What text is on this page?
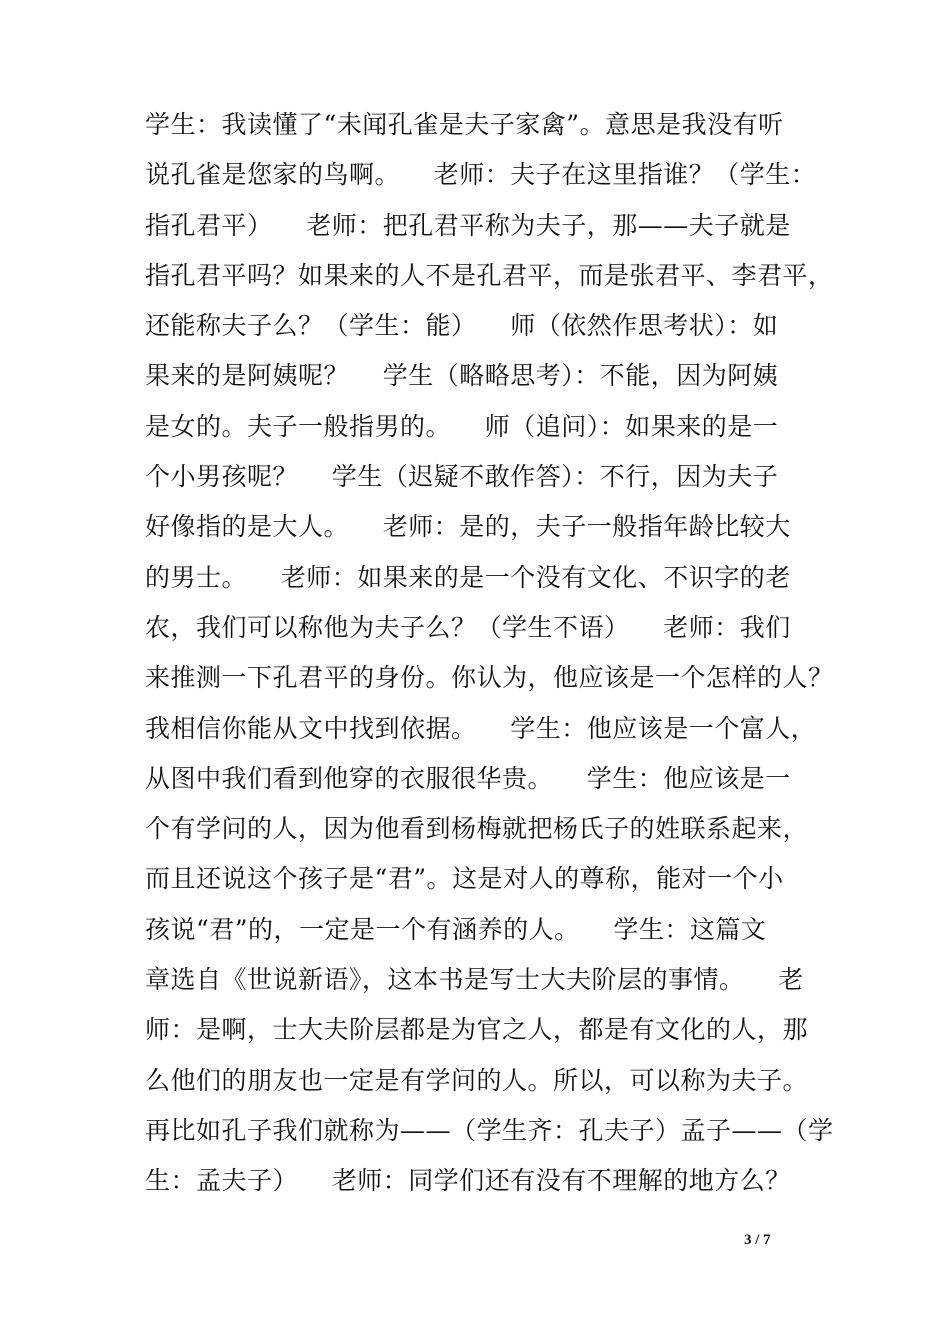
学生：我读懂了“未闻孔雀是夫子家禽”。意思是我没有听
说孔雀是您家的鸟啊。    老师：夫子在这里指谁？（学生：
指孔君平）    老师：把孔君平称为夫子，那——夫子就是
指孔君平吗？如果来的人不是孔君平，而是张君平、李君平，
还能称夫子么？（学生：能）    师（依然作思考状）：如
果来的是阿姨呢？    学生（略略思考）：不能，因为阿姨
是女的。夫子一般指男的。    师（追问）：如果来的是一
个小男孩呢？    学生（迟疑不敢作答）：不行，因为夫子
好像指的是大人。    老师：是的，夫子一般指年龄比较大
的男士。    老师：如果来的是一个没有文化、不识字的老
农，我们可以称他为夫子么？（学生不语）    老师：我们
来推测一下孔君平的身份。你认为，他应该是一个怎样的人？
我相信你能从文中找到依据。    学生：他应该是一个富人，
从图中我们看到他穿的衣服很华贵。    学生：他应该是一
个有学问的人，因为他看到杨梅就把杨氏子的姓联系起来，
而且还说这个孩子是“君”。这是对人的尊称，能对一个小
孩说“君”的，一定是一个有涵养的人。    学生：这篇文
章选自《世说新语》，这本书是写士大夫阶层的事情。    老
师：是啊，士大夫阶层都是为官之人，都是有文化的人，那
么他们的朋友也一定是有学问的人。所以，可以称为夫子。
再比如孔子我们就称为——（学生齐：孔夫子）孟子——（学
生：孟夫子）    老师：同学们还有没有不理解的地方么？
3 / 7
